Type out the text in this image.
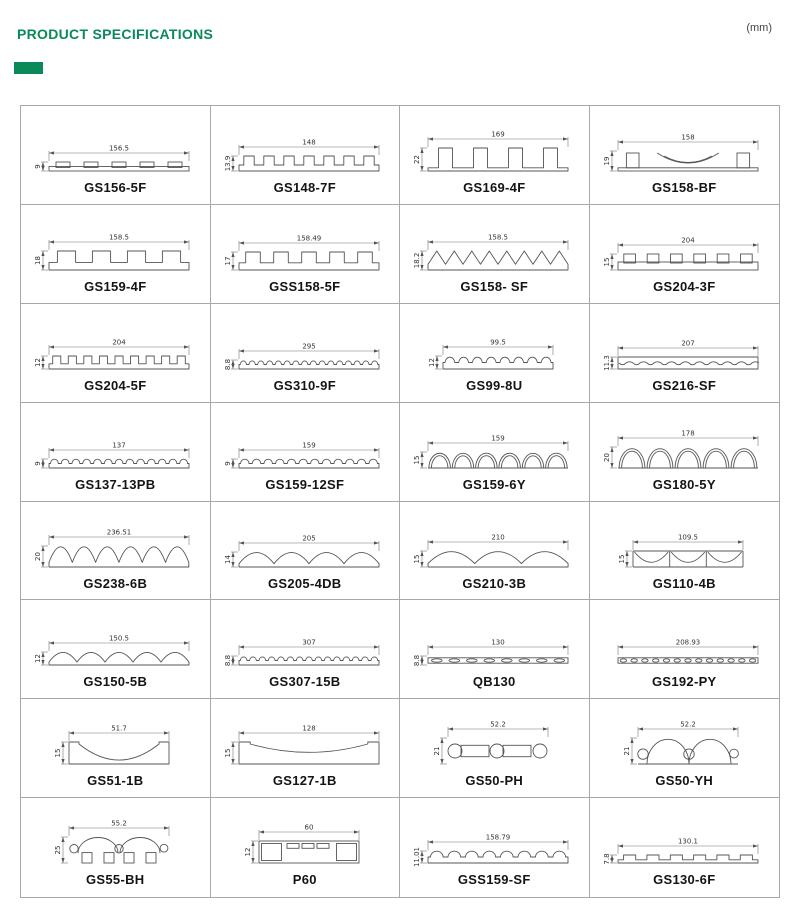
PRODUCT SPECIFICATIONS	(mm)
156.5
9
GS156-5F
148
13.9
GS148-7F
169
22
GS169-4F
158
19
GS158-BF
158.5
18
GS159-4F
158.49
17
GSS158-5F
158.5
18.2
GS158- SF
204
15
GS204-3F
204
12
GS204-5F
295
8.8
GS310-9F
99.5
12
GS99-8U
207
11.3
GS216-SF
137
9
GS137-13PB
159
9
GS159-12SF
159
15
GS159-6Y
178
20
GS180-5Y
236.51
20
GS238-6B
205
14
GS205-4DB
210
15
GS210-3B
109.5
15
GS110-4B
150.5
12
GS150-5B
307
8.8
GS307-15B
130
8.8
QB130
208.93
GS192-PY
51.7
15
GS51-1B
128
15
GS127-1B
52.2
21
GS50-PH
52.2
21
GS50-YH
55.2
25
GS55-BH
60
12
P60
158.79
11.01
GSS159-SF
130.1
7.8
GS130-6F
